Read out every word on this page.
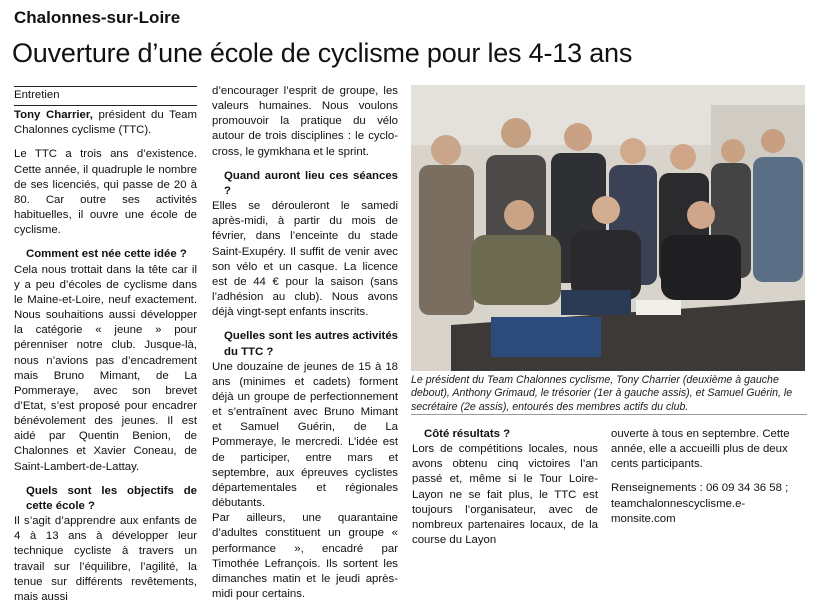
Chalonnes-sur-Loire
Ouverture d’une école de cyclisme pour les 4-13 ans
Entretien

Tony Charrier, président du Team Chalonnes cyclisme (TTC).

Le TTC a trois ans d’existence. Cette année, il quadruple le nombre de ses licenciés, qui passe de 20 à 80. Car outre ses activités habituelles, il ouvre une école de cyclisme.

Comment est née cette idée ?

Cela nous trottait dans la tête car il y a peu d’écoles de cyclisme dans le Maine-et-Loire, neuf exactement. Nous souhaitions aussi développer la catégorie « jeune » pour pérenniser notre club. Jusque-là, nous n’avions pas d’encadrement mais Bruno Mimant, de La Pommeraye, avec son brevet d’Etat, s’est proposé pour encadrer bénévolement des jeunes. Il est aidé par Quentin Benion, de Chalonnes et Xavier Coneau, de Saint-Lambert-de-Lattay.

Quels sont les objectifs de cette école ?

Il s’agit d’apprendre aux enfants de 4 à 13 ans à développer leur technique cycliste à travers un travail sur l’équilibre, l’agilité, la tenue sur différents revêtements, mais aussi

d’encourager l’esprit de groupe, les valeurs humaines. Nous voulons promouvoir la pratique du vélo autour de trois disciplines : le cyclo-cross, le gymkhana et le sprint.

Quand auront lieu ces séances ?

Elles se dérouleront le samedi après-midi, à partir du mois de février, dans l’enceinte du stade Saint-Exupéry. Il suffit de venir avec son vélo et un casque. La licence est de 44 € pour la saison (sans l’adhésion au club). Nous avons déjà vingt-sept enfants inscrits.

Quelles sont les autres activités du TTC ?

Une douzaine de jeunes de 15 à 18 ans (minimes et cadets) forment déjà un groupe de perfectionnement et s’entraînent avec Bruno Mimant et Samuel Guérin, de La Pommeraye, le mercredi. L’idée est de participer, entre mars et septembre, aux épreuves cyclistes départementales et régionales débutants.

Par ailleurs, une quarantaine d’adultes constituent un groupe « performance », encadré par Timothée Lefrançois. Ils sortent les dimanches matin et le jeudi après-midi pour certains.

Le président du Team Chalonnes cyclisme, Tony Charrier (deuxième à gauche debout), Anthony Grimaud, le trésorier (1er à gauche assis), et Samuel Guérin, le secrétaire (2e assis), entourés des membres actifs du club.

Côté résultats ?

Lors de compétitions locales, nous avons obtenu cinq victoires l’an passé et, même si le Tour Loire-Layon ne se fait plus, le TTC est toujours l’organisateur, avec de nombreux partenaires locaux, de la course du Layon

ouverte à tous en septembre. Cette année, elle a accueilli plus de deux cents participants.

Renseignements : 06 09 34 36 58 ; teamchalonnescyclisme.e-monsite.com
